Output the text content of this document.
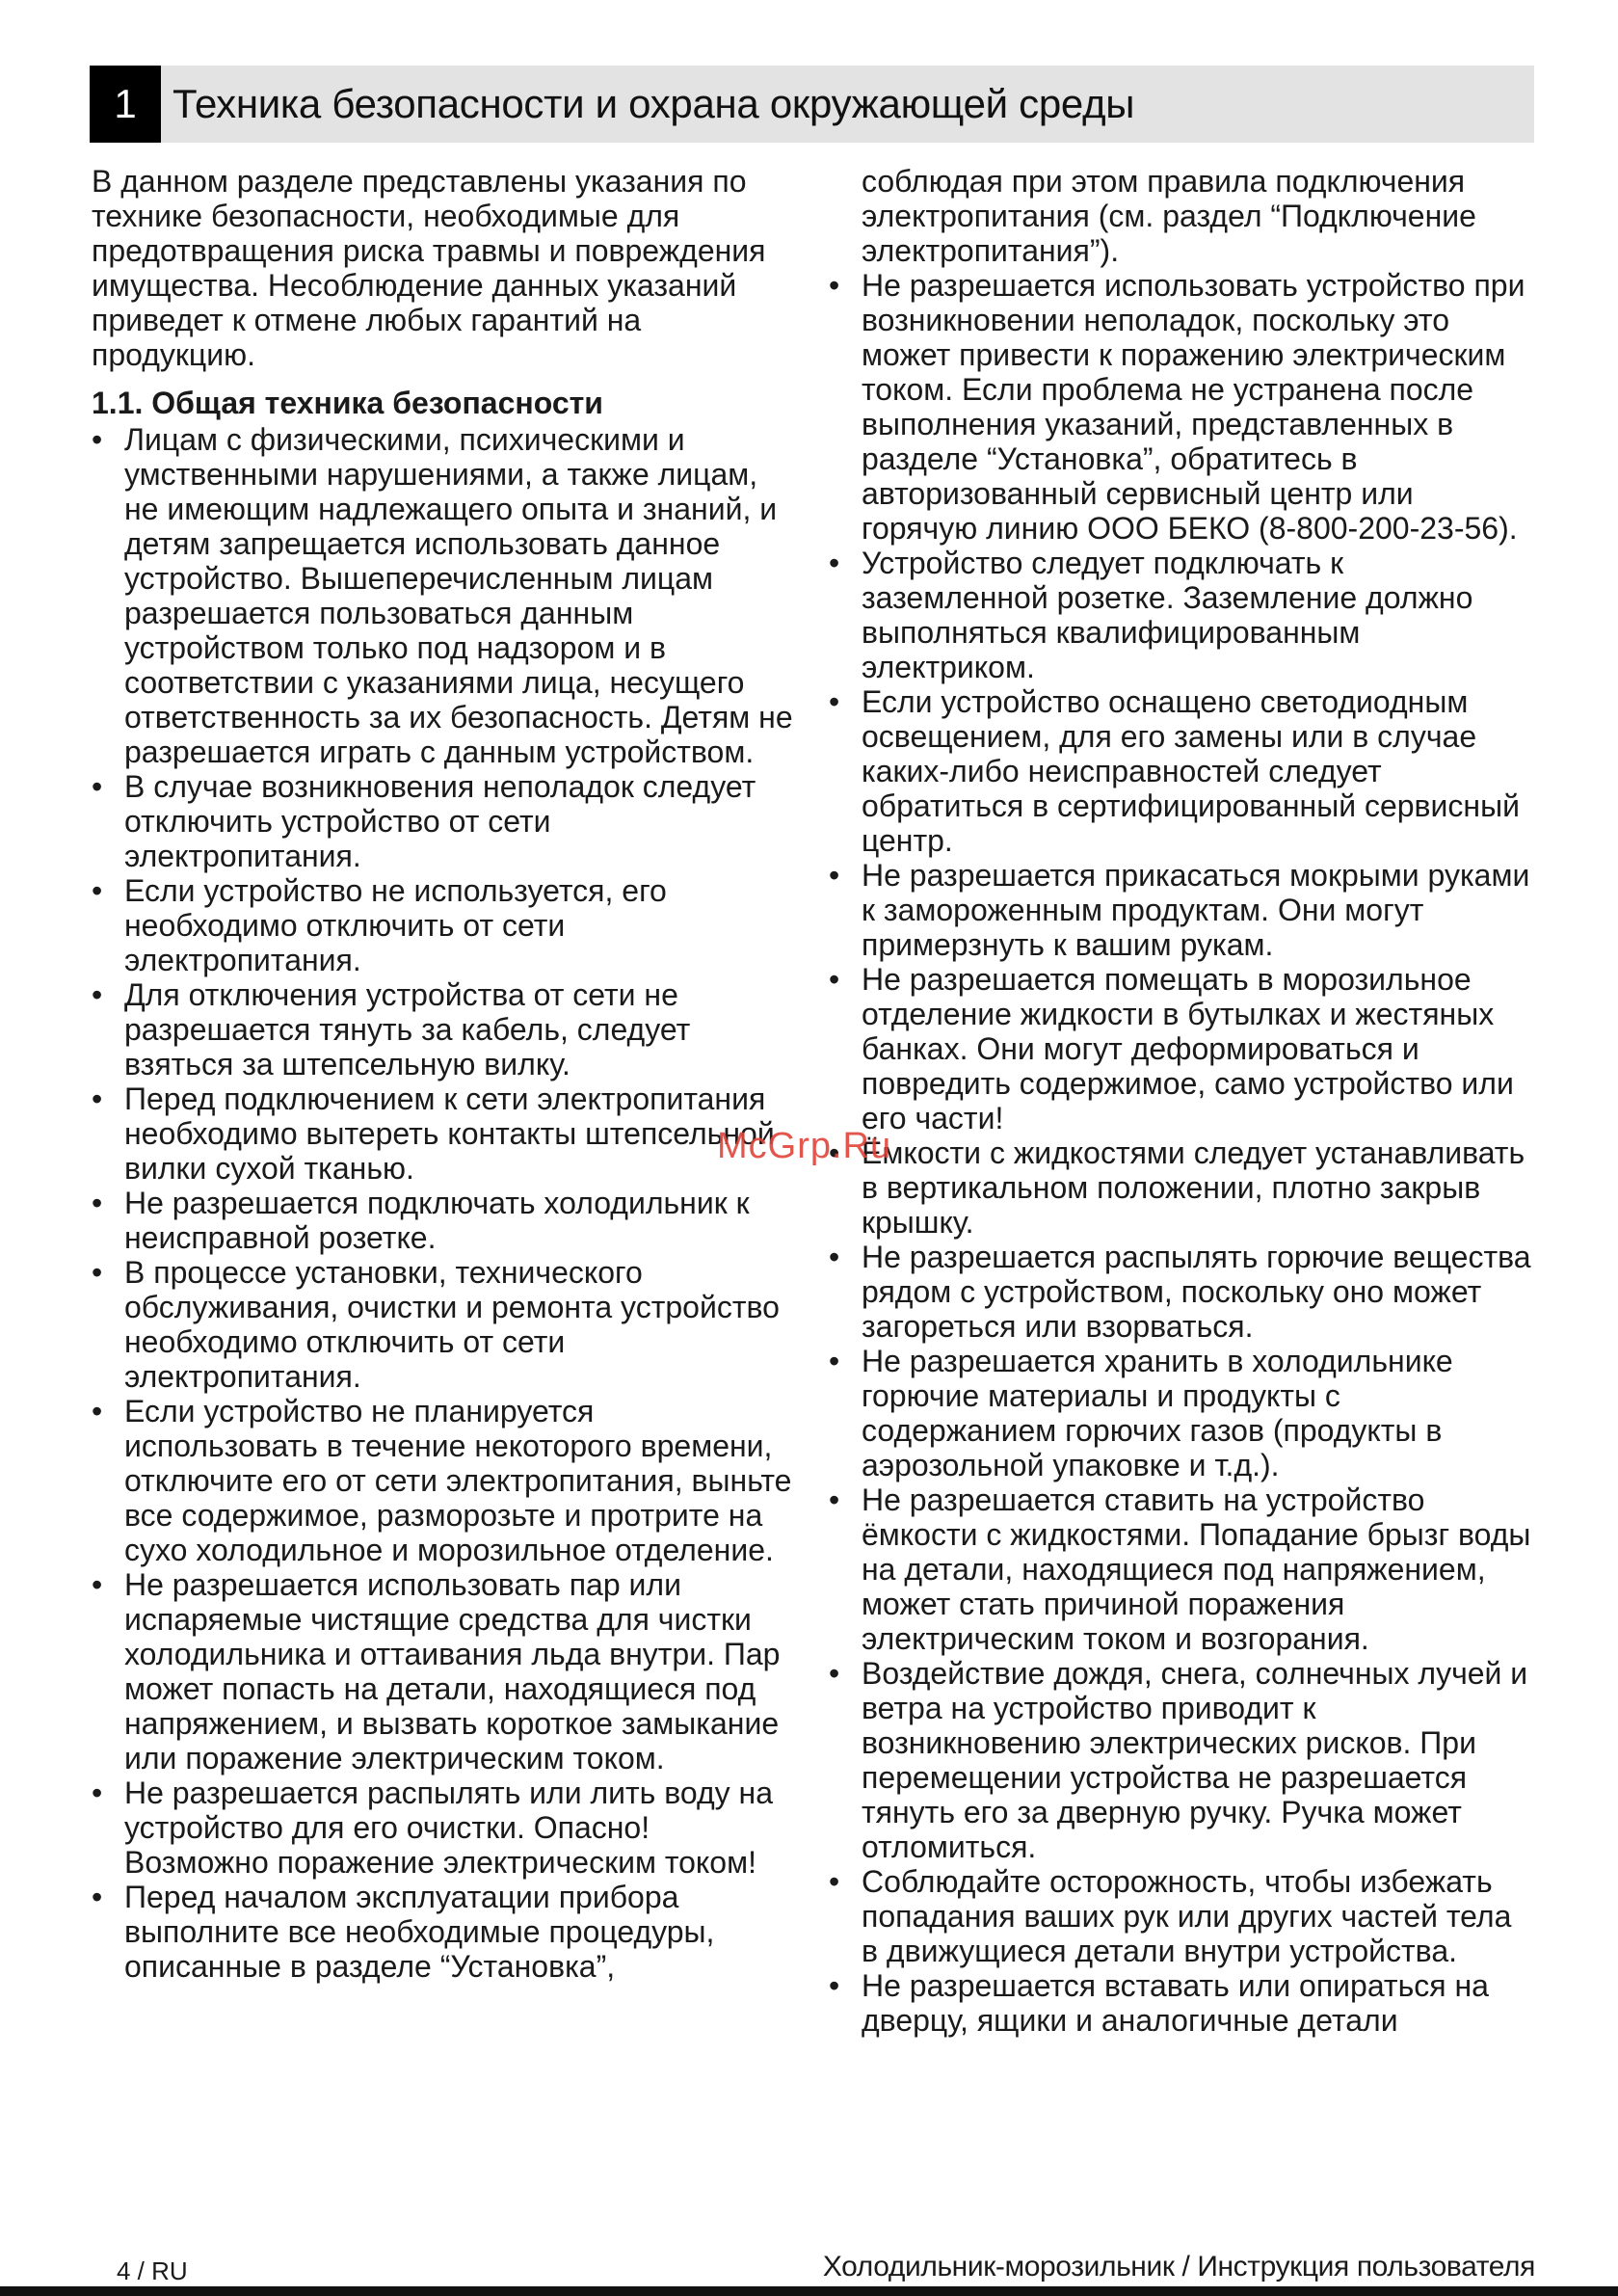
1 Техника безопасности и охрана окружающей среды

В данном разделе представлены указания по технике безопасности, необходимые для предотвращения риска травмы и повреждения имущества. Несоблюдение данных указаний приведет к отмене любых гарантий на продукцию.

1.1. Общая техника безопасности

• Лицам с физическими, психическими и умственными нарушениями, а также лицам, не имеющим надлежащего опыта и знаний, и детям запрещается использовать данное устройство. Вышеперечисленным лицам разрешается пользоваться данным устройством только под надзором и в соответствии с указаниями лица, несущего ответственность за их безопасность. Детям не разрешается играть с данным устройством.
• В случае возникновения неполадок следует отключить устройство от сети электропитания.
• Если устройство не используется, его необходимо отключить от сети электропитания.
• Для отключения устройства от сети не разрешается тянуть за кабель, следует взяться за штепсельную вилку.
• Перед подключением к сети электропитания необходимо вытереть контакты штепсельной вилки сухой тканью.
• Не разрешается подключать холодильник к неисправной розетке.
• В процессе установки, технического обслуживания, очистки и ремонта устройство необходимо отключить от сети электропитания.
• Если устройство не планируется использовать в течение некоторого времени, отключите его от сети электропитания, выньте все содержимое, разморозьте и протрите на сухо холодильное и морозильное отделение.
• Не разрешается использовать пар или испаряемые чистящие средства для чистки холодильника и оттаивания льда внутри. Пар может попасть на детали, находящиеся под напряжением, и вызвать короткое замыкание или поражение электрическим током.
• Не разрешается распылять или лить воду на устройство для его очистки. Опасно! Возможно поражение электрическим током!
• Перед началом эксплуатации прибора выполните все необходимые процедуры, описанные в разделе “Установка”,
соблюдая при этом правила подключения электропитания (см. раздел “Подключение электропитания”).
• Не разрешается использовать устройство при возникновении неполадок, поскольку это может привести к поражению электрическим током. Если проблема не устранена после выполнения указаний, представленных в разделе “Установка”, обратитесь в авторизованный сервисный центр или горячую линию ООО БЕКО (8-800-200-23-56).
• Устройство следует подключать к заземленной розетке. Заземление должно выполняться квалифицированным электриком.
• Если устройство оснащено светодиодным освещением, для его замены или в случае каких-либо неисправностей следует обратиться в сертифицированный сервисный центр.
• Не разрешается прикасаться мокрыми руками к замороженным продуктам. Они могут примерзнуть к вашим рукам.
• Не разрешается помещать в морозильное отделение жидкости в бутылках и жестяных банках. Они могут деформироваться и повредить содержимое, само устройство или его части!
• Ёмкости с жидкостями следует устанавливать в вертикальном положении, плотно закрыв крышку.
• Не разрешается распылять горючие вещества рядом с устройством, поскольку оно может загореться или взорваться.
• Не разрешается хранить в холодильнике горючие материалы и продукты с содержанием горючих газов (продукты в аэрозольной упаковке и т.д.).
• Не разрешается ставить на устройство ёмкости с жидкостями. Попадание брызг воды на детали, находящиеся под напряжением, может стать причиной поражения электрическим током и возгорания.
• Воздействие дождя, снега, солнечных лучей и ветра на устройство приводит к возникновению электрических рисков. При перемещении устройства не разрешается тянуть его за дверную ручку. Ручка может отломиться.
• Соблюдайте осторожность, чтобы избежать попадания ваших рук или других частей тела в движущиеся детали внутри устройства.
• Не разрешается вставать или опираться на дверцу, ящики и аналогичные детали
McGrp.Ru
4 / RU	Холодильник-морозильник / Инструкция пользователя
